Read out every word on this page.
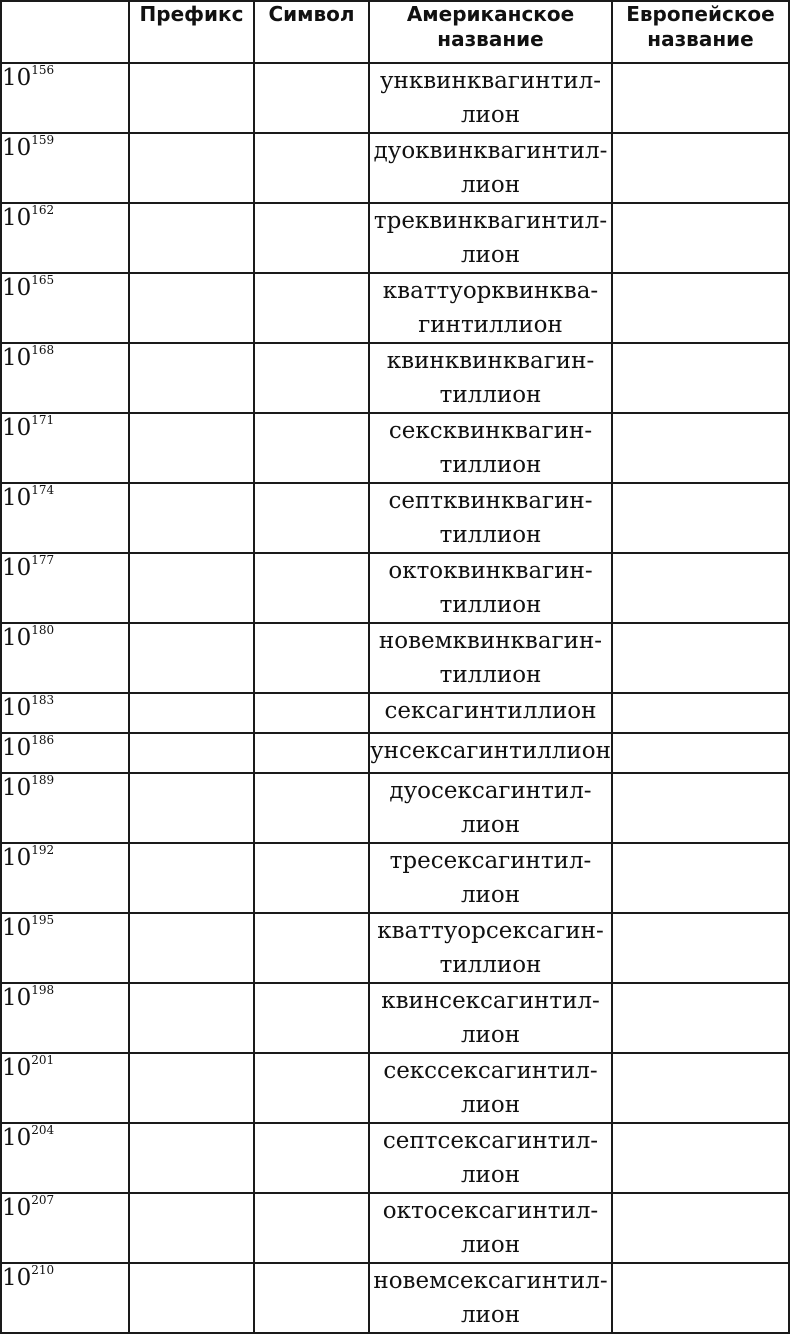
	Префикс	Символ	Американское название	Европейское название
$10^{156}$			унквинквагинтил-
лион	
$10^{159}$			дуоквинквагинтил-
лион	
$10^{162}$			треквинквагинтил-
лион	
$10^{165}$			кваттуорквинква-
гинтиллион	
$10^{168}$			квинквинквагин-
тиллион	
$10^{171}$			сексквинквагин-
тиллион	
$10^{174}$			септквинквагин-
тиллион	
$10^{177}$			октоквинквагин-
тиллион	
$10^{180}$			новемквинквагин-
тиллион	
$10^{183}$			сексагинтиллион	
$10^{186}$			унсексагинтиллион	
$10^{189}$			дуосексагинтил-
лион	
$10^{192}$			тресексагинтил-
лион	
$10^{195}$			кваттуорсексагин-
тиллион	
$10^{198}$			квинсексагинтил-
лион	
$10^{201}$			секссексагинтил-
лион	
$10^{204}$			септсексагинтил-
лион	
$10^{207}$			октосексагинтил-
лион	
$10^{210}$			новемсексагинтил-
лион	
